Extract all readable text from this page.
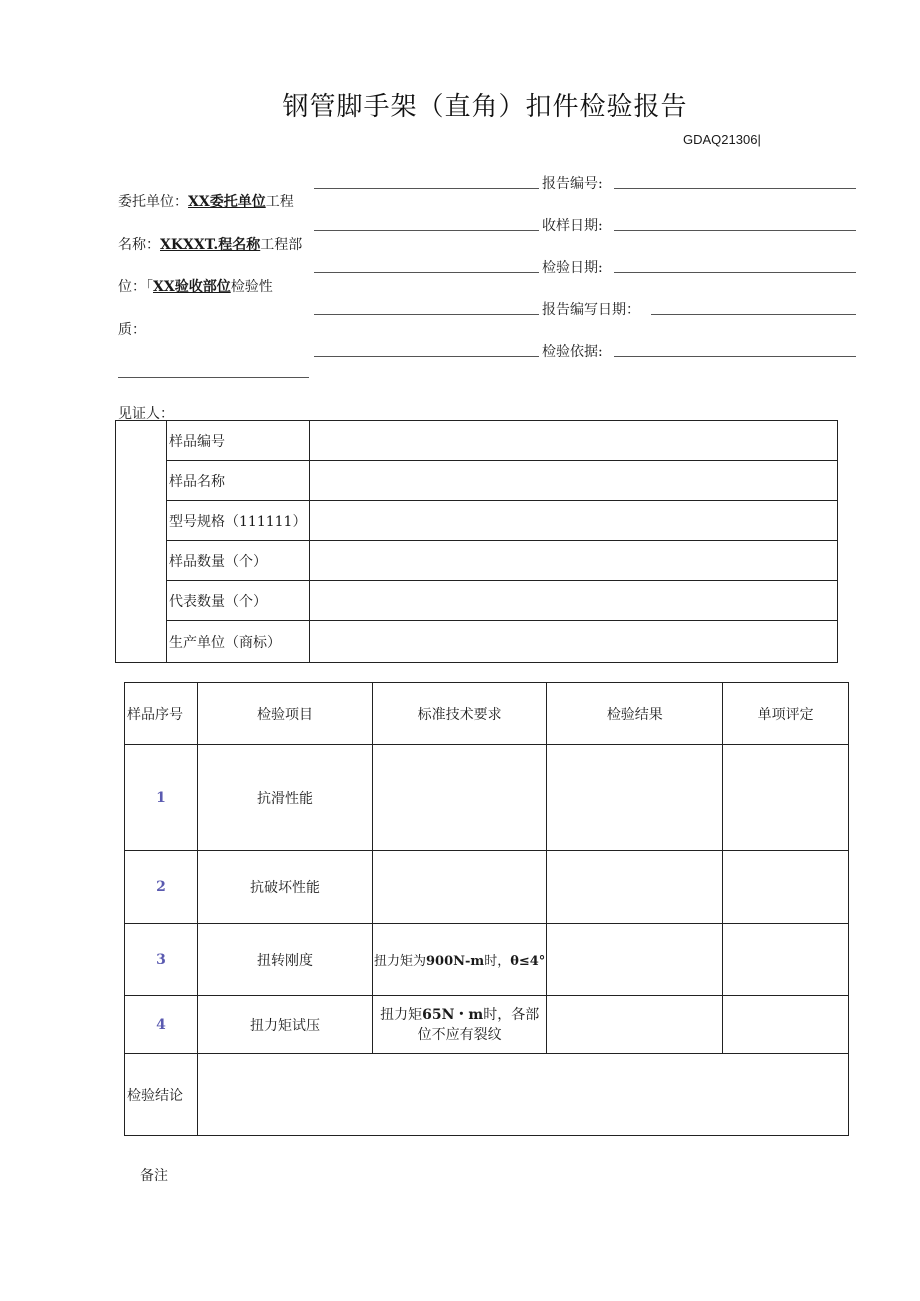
钢管脚手架（直角）扣件检验报告
GDAQ21306|
委托单位：XX委托单位工程
名称：XKXXT.程名称工程部
位：「XX验收部位检验性
质：
见证人：
报告编号:
收样日期:
检验日期:
报告编写日期：
检验依据:
	样品编号	
	样品名称	
	型号规格（111111）	
	样品数量（个）	
	代表数量（个）	
	生产单位（商标）	
样品序号	检验项目	标准技术要求	检验结果	单项评定
1	抗滑性能			
2	抗破坏性能			
3	扭转刚度	扭力矩为900N-m时，θ≤4°		
4	扭力矩试压	扭力矩65N・m时，各部位不应有裂纹		
检验结论				
备注
